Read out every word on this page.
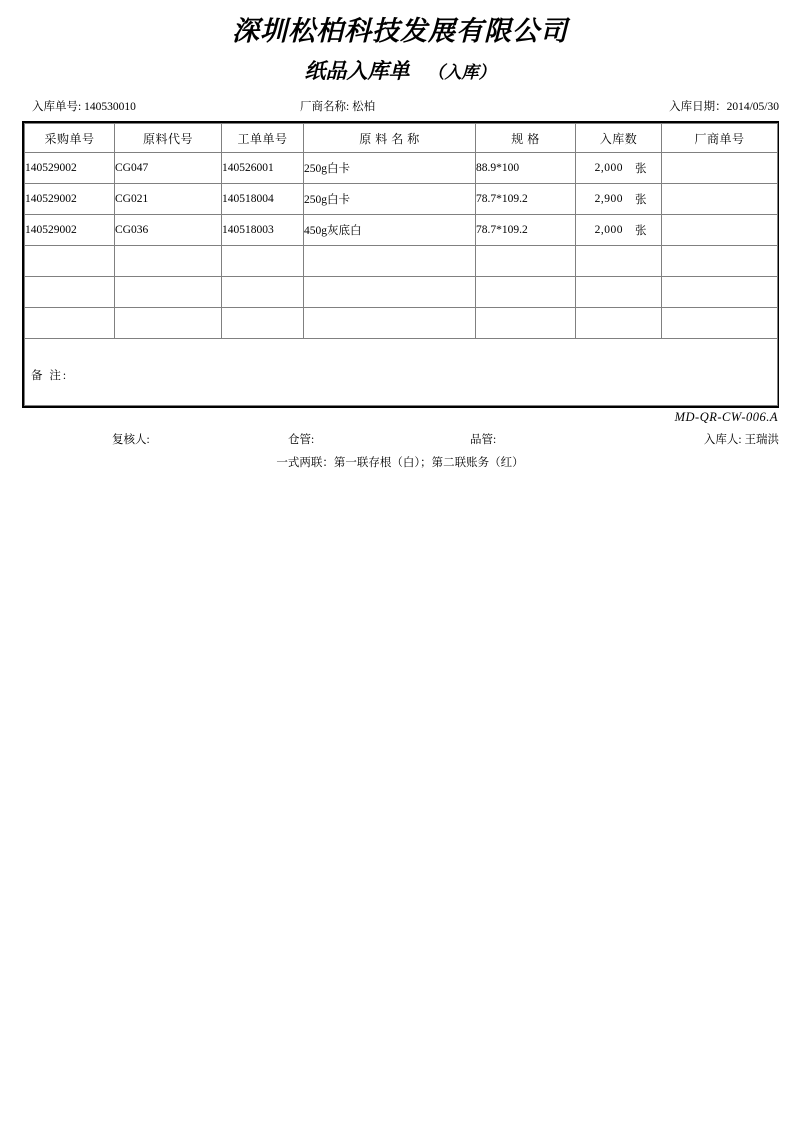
深圳松柏科技发展有限公司
纸品入库单 （入库）
入库单号: 140530010	厂商名称: 松柏	入库日期：2014/05/30
采购单号	原料代号	工单单号	原 料 名 称	规 格	入库数	厂商单号
140529002	CG047	140526001	250g白卡	88.9*100	2,000 张	

140529002	CG021	140518004	250g白卡	78.7*109.2	2,900 张	

140529002	CG036	140518003	450g灰底白	78.7*109.2	2,000 张	

备 注:						
MD-QR-CW-006.A
复核人:	仓管:	品管:	入库人: 王瑞洪
一式两联：第一联存根（白）；第二联账务（红）
